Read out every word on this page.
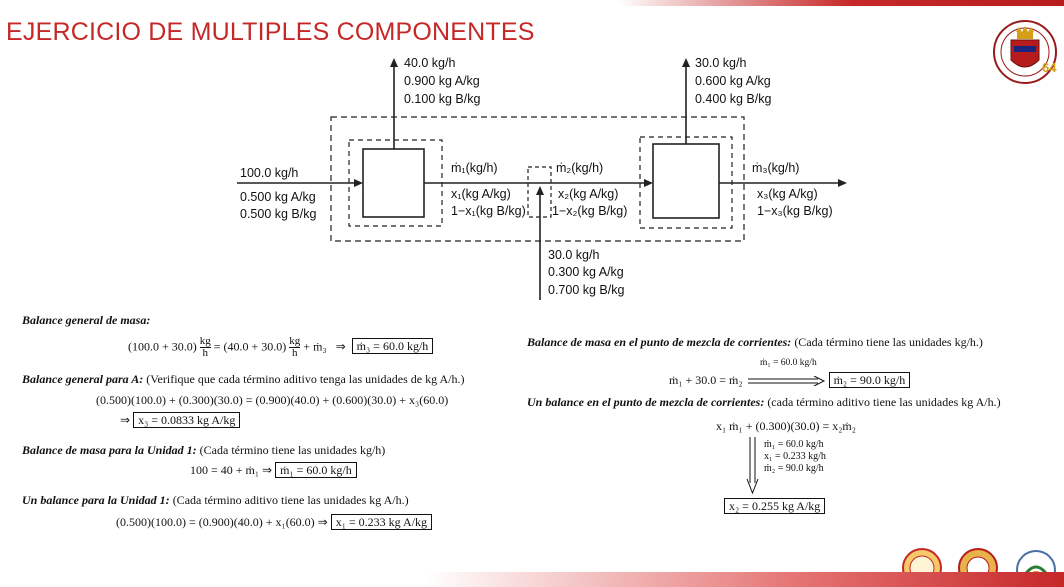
EJERCICIO DE MULTIPLES COMPONENTES
64
40.0 kg/h
0.900 kg A/kg
0.100 kg B/kg
30.0 kg/h
0.600 kg A/kg
0.400 kg B/kg
100.0 kg/h
0.500 kg A/kg
0.500 kg B/kg
ṁ₁(kg/h)
x₁(kg A/kg)
1−x₁(kg B/kg)
ṁ₂(kg/h)
x₂(kg A/kg)
1−x₂(kg B/kg)
ṁ₃(kg/h)
x₃(kg A/kg)
1−x₃(kg B/kg)
30.0 kg/h
0.300 kg A/kg
0.700 kg B/kg
Balance general de masa:
$(100.0 + 30.0) \frac{kg}{h} = (40.0 + 30.0) \frac{kg}{h}$ + ṁ₃   ⇒  ṁ₃ = 60.0 kg/h
Balance general para A: (Verifique que cada término aditivo tenga las unidades de kg A/h.)
(0.500)(100.0) + (0.300)(30.0) = (0.900)(40.0) + (0.600)(30.0) + x₃(60.0)
⇒ x₃ = 0.0833 kg A/kg
Balance de masa para la Unidad 1: (Cada término tiene las unidades kg/h)
100 = 40 + ṁ₁ ⇒ ṁ₁ = 60.0 kg/h
Un balance para la Unidad 1: (Cada término aditivo tiene las unidades kg A/h.)
(0.500)(100.0) = (0.900)(40.0) + x₁(60.0) ⇒ x₁ = 0.233 kg A/kg
Balance de masa en el punto de mezcla de corrientes: (Cada término tiene las unidades kg/h.)
ṁ₁ = 60.0 kg/h
ṁ₁ + 30.0 = ṁ₂	ṁ₂ = 90.0 kg/h
Un balance en el punto de mezcla de corrientes: (cada término aditivo tiene las unidades kg A/h.)
x₁ ṁ₁ + (0.300)(30.0) = x₂ṁ₂
ṁ₁ = 60.0 kg/h
x₁ = 0.233 kg/h
ṁ₂ = 90.0 kg/h
x₂ = 0.255 kg A/kg
